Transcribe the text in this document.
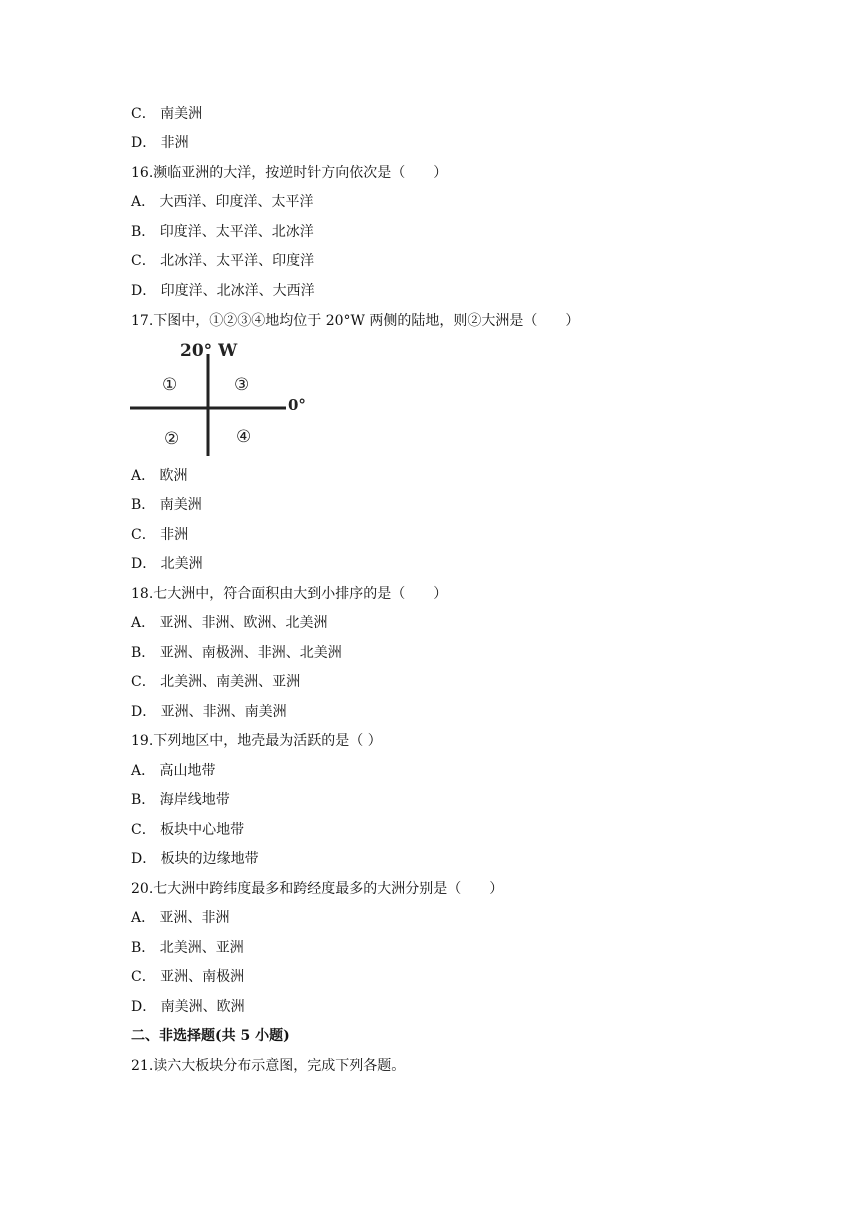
C． 南美洲
D． 非洲
16.濒临亚洲的大洋，按逆时针方向依次是（　　）
A． 大西洋、印度洋、太平洋
B． 印度洋、太平洋、北冰洋
C． 北冰洋、太平洋、印度洋
D． 印度洋、北冰洋、大西洋
17.下图中，①②③④地均位于 20°W 两侧的陆地，则②大洲是（　　）
20° W
0°
①	③
②	④
A． 欧洲
B． 南美洲
C． 非洲
D． 北美洲
18.七大洲中，符合面积由大到小排序的是（　　）
A． 亚洲、非洲、欧洲、北美洲
B． 亚洲、南极洲、非洲、北美洲
C． 北美洲、南美洲、亚洲
D． 亚洲、非洲、南美洲
19.下列地区中，地壳最为活跃的是（ ）
A． 高山地带
B． 海岸线地带
C． 板块中心地带
D． 板块的边缘地带
20.七大洲中跨纬度最多和跨经度最多的大洲分别是（　　）
A． 亚洲、非洲
B． 北美洲、亚洲
C． 亚洲、南极洲
D． 南美洲、欧洲
二、非选择题(共 5 小题)
21.读六大板块分布示意图，完成下列各题。
